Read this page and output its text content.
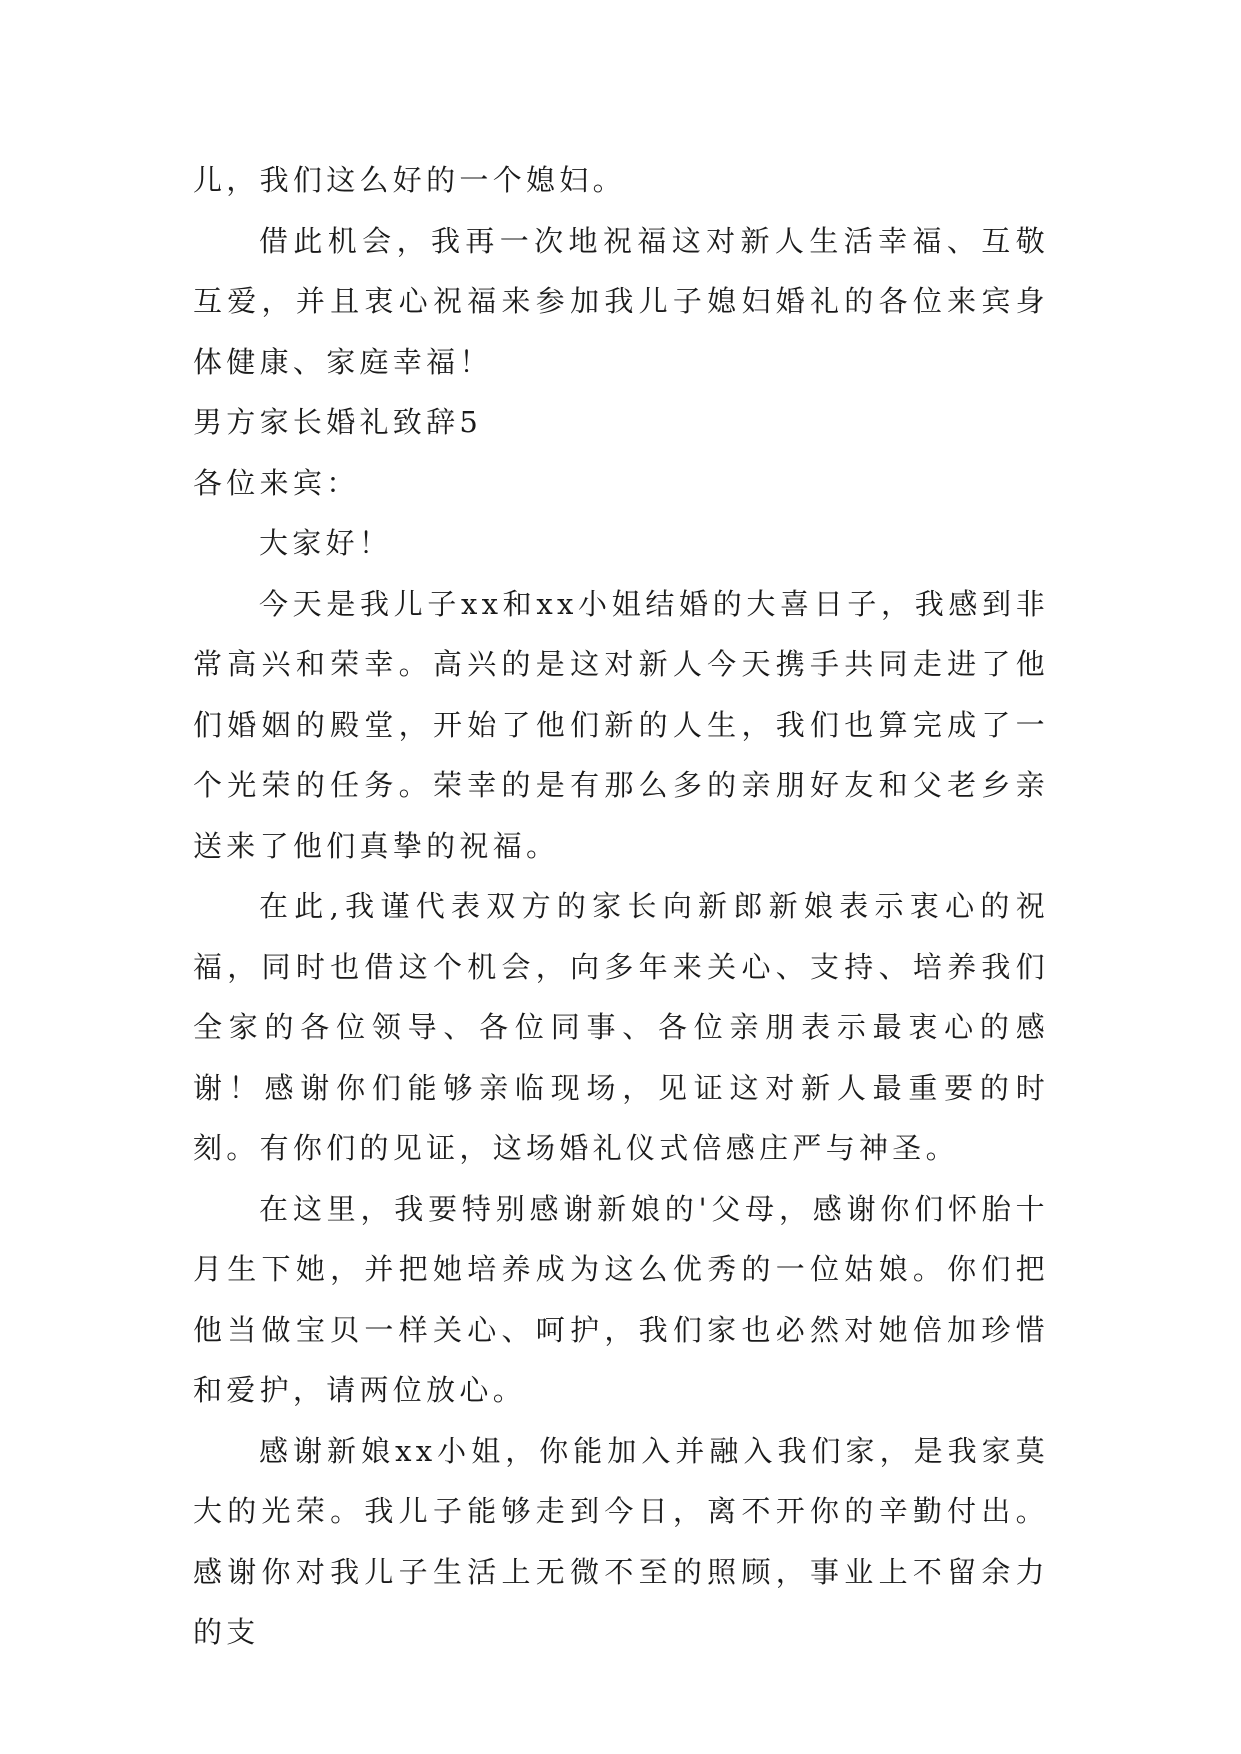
儿，我们这么好的一个媳妇。

借此机会，我再一次地祝福这对新人生活幸福、互敬互爱，并且衷心祝福来参加我儿子媳妇婚礼的各位来宾身体健康、家庭幸福！

男方家长婚礼致辞5

各位来宾：

大家好！

今天是我儿子xx和xx小姐结婚的大喜日子，我感到非常高兴和荣幸。高兴的是这对新人今天携手共同走进了他们婚姻的殿堂，开始了他们新的人生，我们也算完成了一个光荣的任务。荣幸的是有那么多的亲朋好友和父老乡亲送来了他们真挚的祝福。

在此,我谨代表双方的家长向新郎新娘表示衷心的祝福，同时也借这个机会，向多年来关心、支持、培养我们全家的各位领导、各位同事、各位亲朋表示最衷心的感谢！感谢你们能够亲临现场，见证这对新人最重要的时刻。有你们的见证，这场婚礼仪式倍感庄严与神圣。

在这里，我要特别感谢新娘的'父母，感谢你们怀胎十月生下她，并把她培养成为这么优秀的一位姑娘。你们把他当做宝贝一样关心、呵护，我们家也必然对她倍加珍惜和爱护，请两位放心。

感谢新娘xx小姐，你能加入并融入我们家，是我家莫大的光荣。我儿子能够走到今日，离不开你的辛勤付出。感谢你对我儿子生活上无微不至的照顾，事业上不留余力的支
